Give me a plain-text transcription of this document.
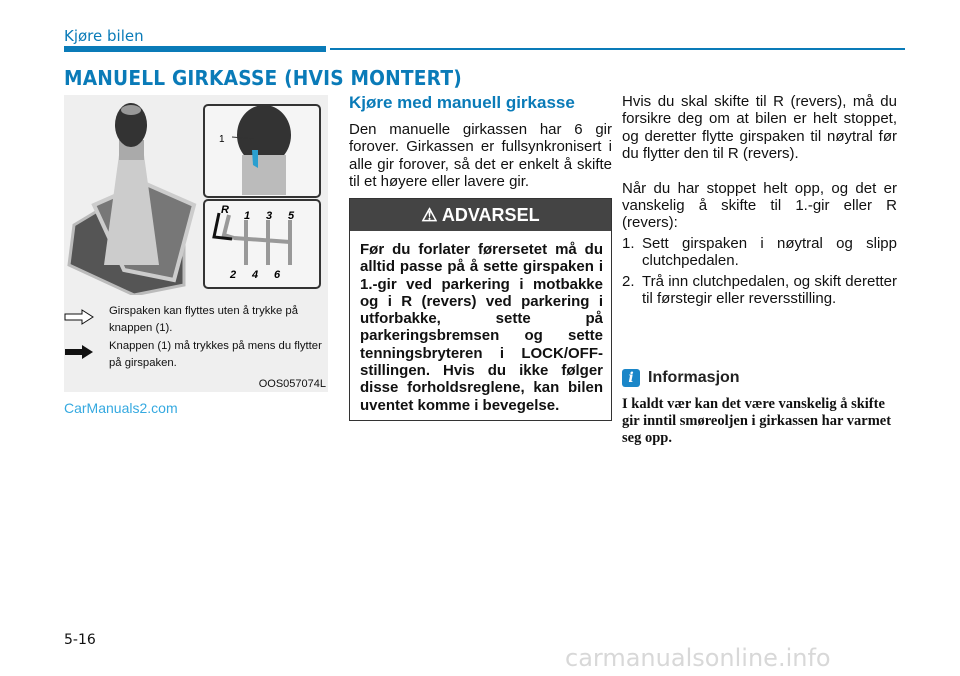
Kjøre bilen
MANUELL GIRKASSE (HVIS MONTERT)
1
R 1 3 5
2 4 6
Girspaken kan flyttes uten å trykke på knappen (1).
Knappen (1) må trykkes på mens du flytter på girspaken.
OOS057074L
Kjøre med manuell girkasse

Den manuelle girkassen har 6 gir forover. Girkassen er fullsynkronisert i alle gir forover, så det er enkelt å skifte til et høyere eller lavere gir.

⚠ ADVARSEL
Før du forlater førersetet må du alltid passe på å sette girspaken i 1.-gir ved parkering i motbakke og i R (revers) ved parkering i utforbakke, sette på parkeringsbremsen og sette tenningsbryteren i LOCK/OFF-stillingen. Hvis du ikke følger disse forholdsreglene, kan bilen uventet komme i bevegelse.

Hvis du skal skifte til R (revers), må du forsikre deg om at bilen er helt stoppet, og deretter flytte girspaken til nøytral før du flytter den til R (revers).

Når du har stoppet helt opp, og det er vanskelig å skifte til 1.-gir eller R (revers):

1. Sett girspaken i nøytral og slipp clutchpedalen.
2. Trå inn clutchpedalen, og skift deretter til førstegir eller reversstilling.
i Informasjon

I kaldt vær kan det være vanskelig å skifte gir inntil smøreoljen i girkassen har varmet seg opp.

5-16
CarManuals2.com
carmanualsonline.info
